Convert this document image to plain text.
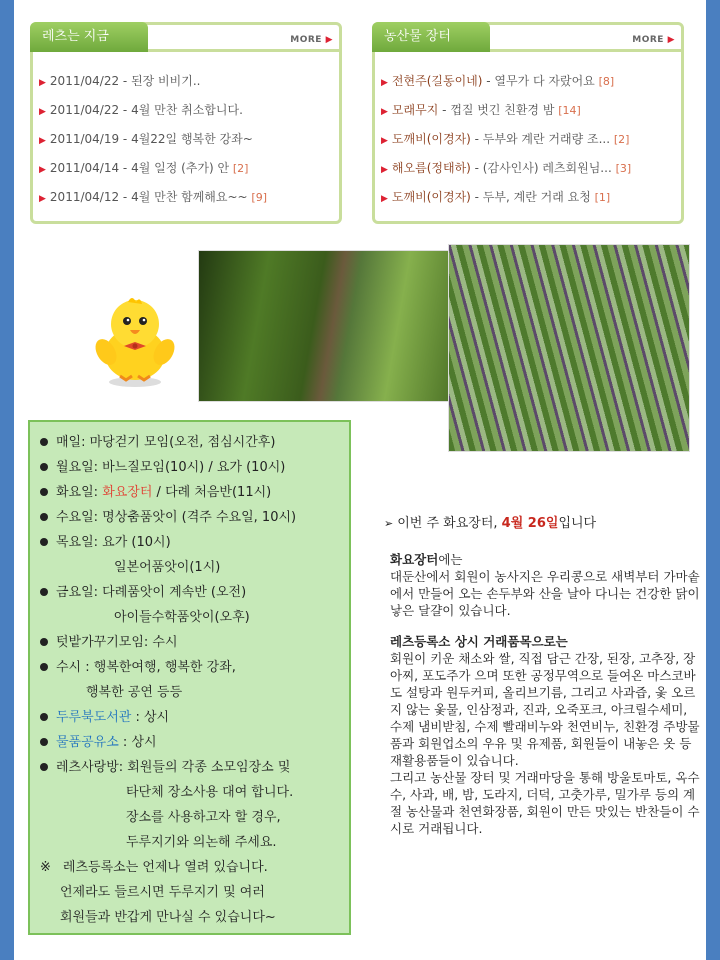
레츠는 지금	MORE ▶
▶ 2011/04/22 - 된장 비비기..
▶ 2011/04/22 - 4월 만찬 취소합니다.
▶ 2011/04/19 - 4월22일 행복한 강좌~
▶ 2011/04/14 - 4월 일정 (추가) 안 [2]
▶ 2011/04/12 - 4월 만찬 함께해요~~ [9]
농산물 장터	MORE ▶
▶ 전현주(길동이네) - 열무가 다 자랐어요 [8]
▶ 모래무지 - 껍질 벗긴 친환경 밤 [14]
▶ 도깨비(이경자) - 두부와 계란 거래량 조... [2]
▶ 해오름(정태하) - (감사인사) 레츠회원님... [3]
▶ 도깨비(이경자) - 두부, 계란 거래 요청 [1]
매일: 마당걷기 모임(오전, 점심시간후)
월요일: 바느질모임(10시) / 요가 (10시)
화요일: 화요장터 / 다례 처음반(11시)
수요일: 명상춤품앗이 (격주 수요일, 10시)
목요일: 요가 (10시)
일본어품앗이(1시)
금요일: 다례품앗이 계속반 (오전)
아이들수학품앗이(오후)
텃밭가꾸기모임: 수시
수시 : 행복한여행, 행복한 강좌,
행복한 공연 등등
두루북도서관 : 상시
물품공유소 : 상시
레츠사랑방: 회원들의 각종 소모임장소 및
타단체 장소사용 대여 합니다.
장소를 사용하고자 할 경우,
두루지기와 의논해 주세요.
※ 레츠등록소는 언제나 열려 있습니다.
언제라도 들르시면 두루지기 및 여러
회원들과 반갑게 만나실 수 있습니다~
➢ 이번 주 화요장터, 4월 26일입니다
화요장터에는
대둔산에서 회원이 농사지은 우리콩으로 새벽부터 가마솥에서 만들어 오는 손두부와 산을 날아 다니는 건강한 닭이 낳은 달걀이 있습니다.
레츠등록소 상시 거래품목으로는
회원이 키운 채소와 쌀, 직접 담근 간장, 된장, 고추장, 장아찌, 포도주가 으며 또한 공정무역으로 들여온 마스코바도 설탕과 원두커피, 올리브기름, 그리고 사과즙, 옻 오르지 않는 옻물, 인삼정과, 진과, 오죽포크, 아크릴수세미, 수제 냄비받침, 수제 빨래비누와 천연비누, 친환경 주방물품과 회원업소의 우유 및 유제품, 회원들이 내놓은 옷 등 재활용품들이 있습니다.
그리고 농산물 장터 및 거래마당을 통해 방울토마토, 옥수수, 사과, 배, 밤, 도라지, 더덕, 고춧가루, 밀가루 등의 계절 농산물과 천연화장품, 회원이 만든 맛있는 반찬들이 수시로 거래됩니다.
